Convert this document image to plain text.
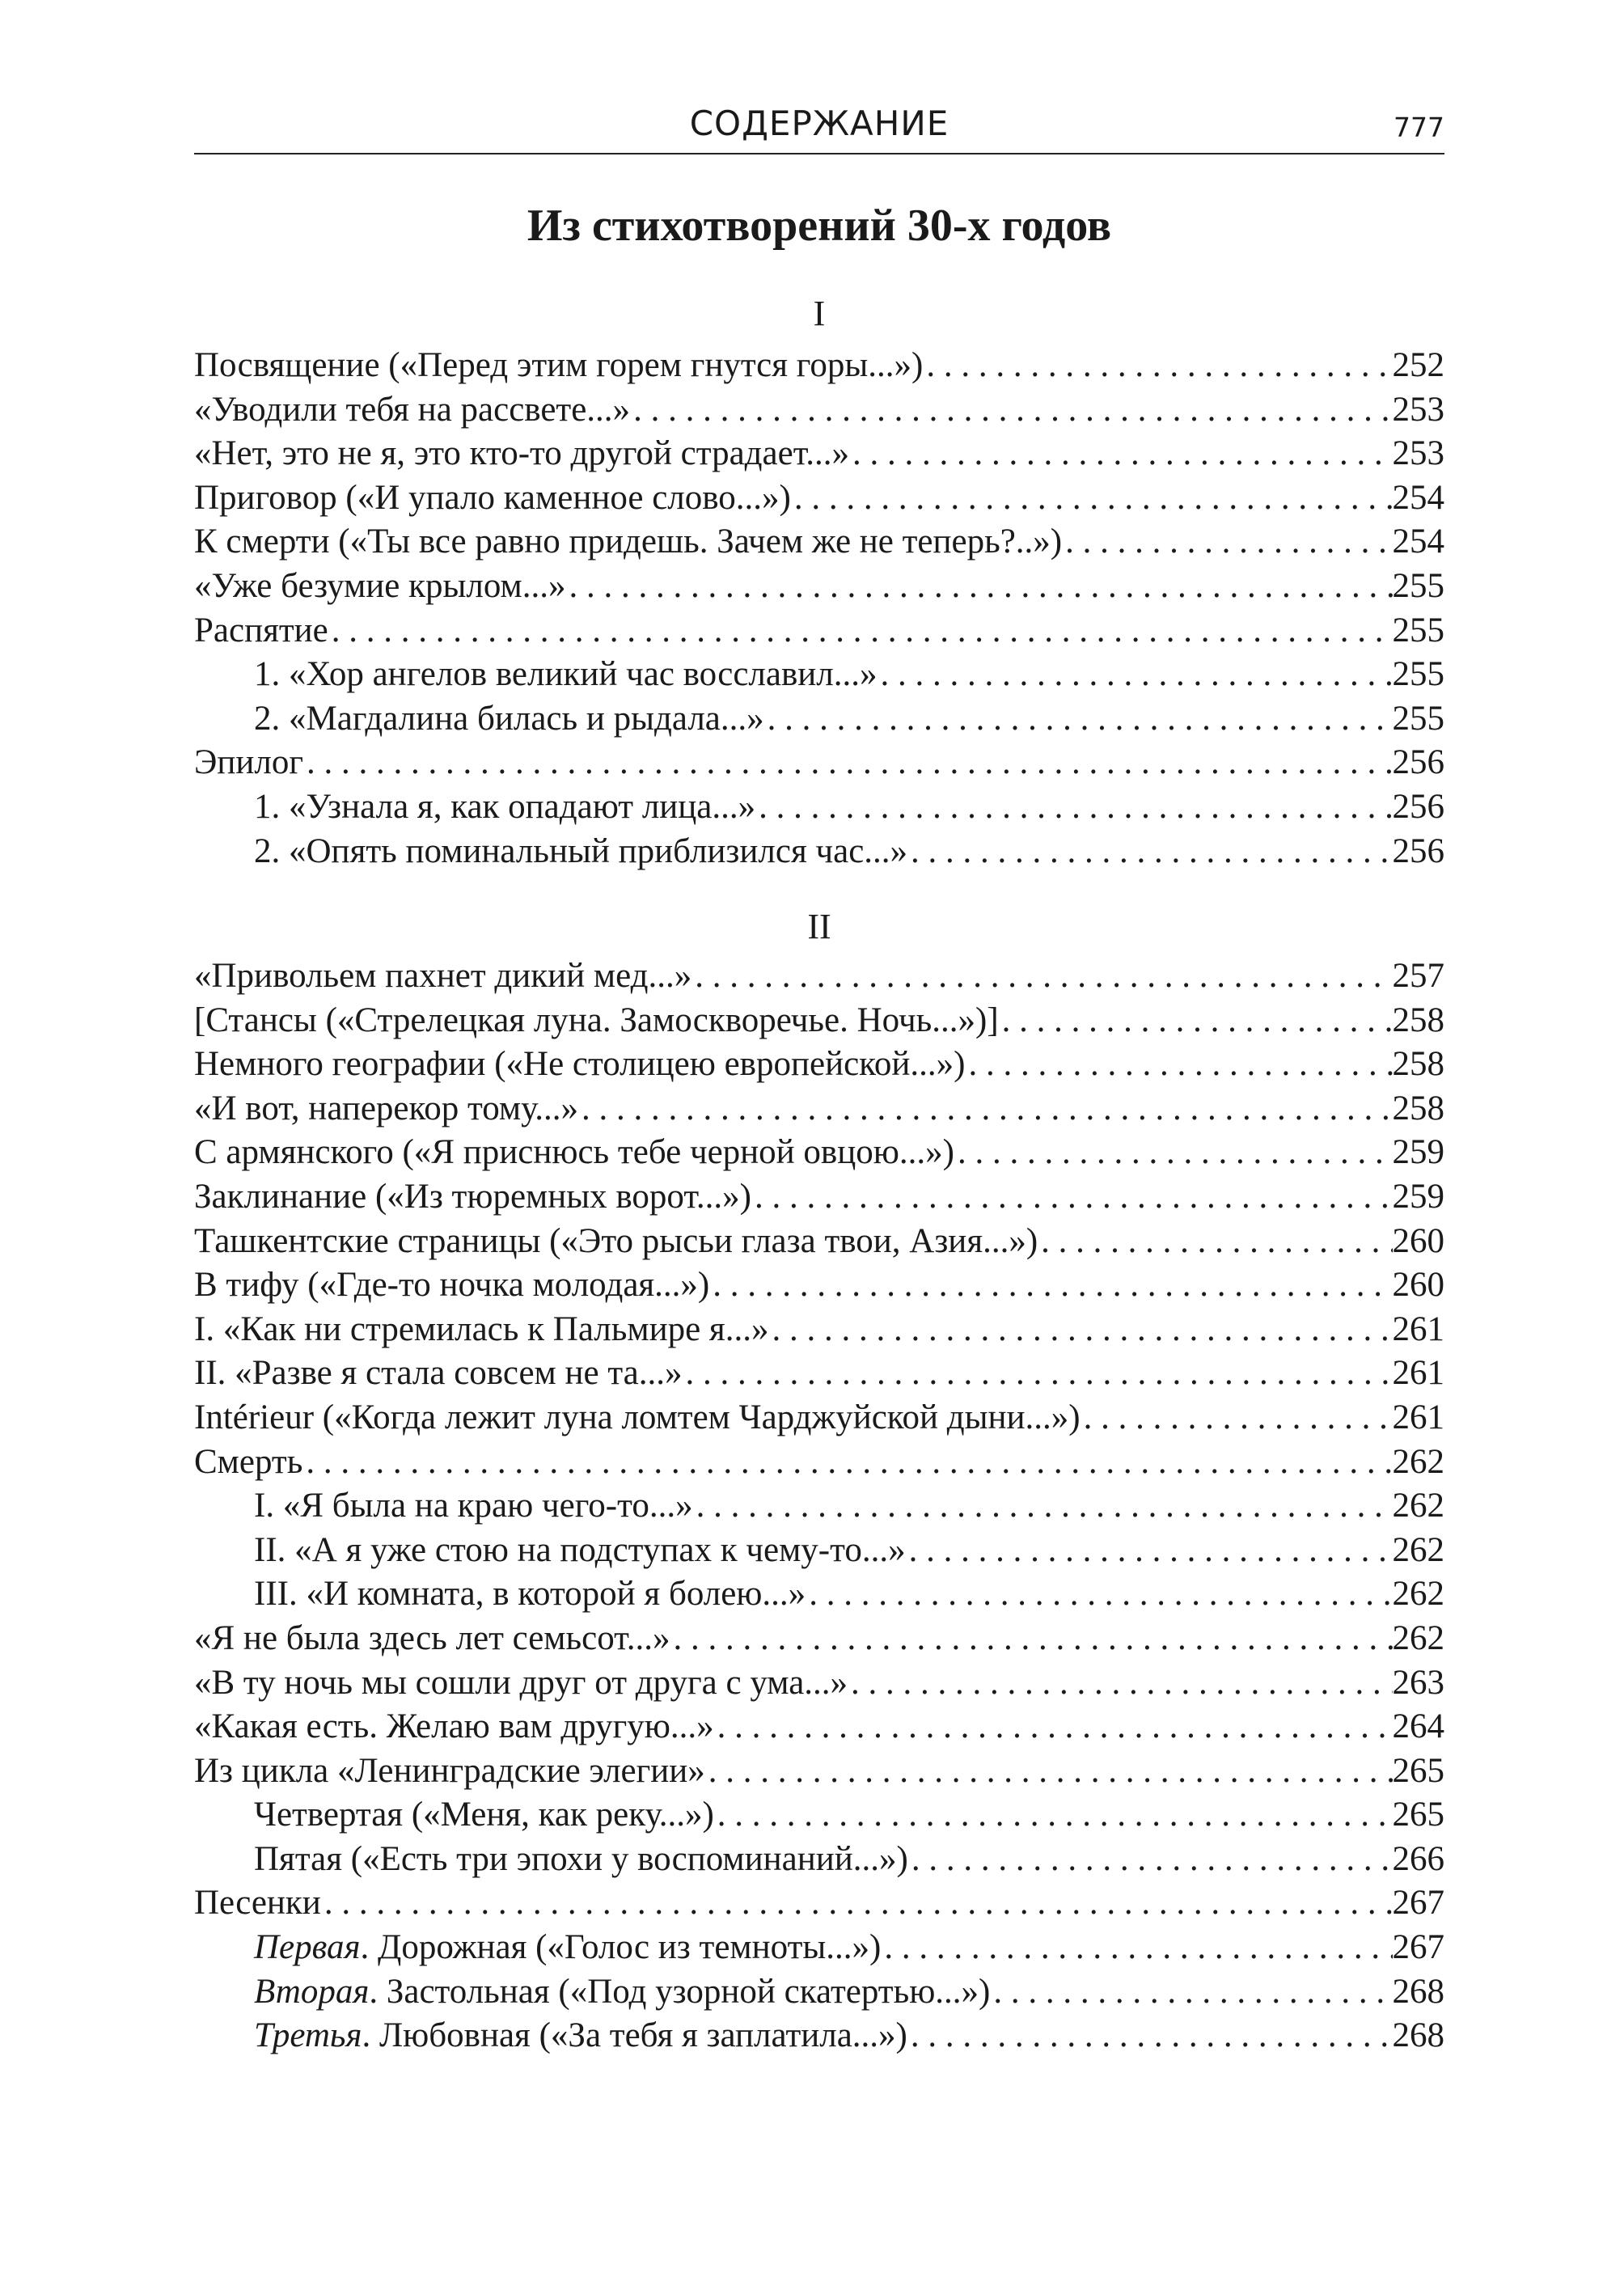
СОДЕРЖАНИЕ	777
Из стихотворений 30-х годов
I
Посвящение («Перед этим горем гнутся горы...») . . .	252
«Уводили тебя на рассвете...» . . .	253
«Нет, это не я, это кто-то другой страдает...» . . .	253
Приговор («И упало каменное слово...») . . .	254
К смерти («Ты все равно придешь. Зачем же не теперь?..») . . .	254
«Уже безумие крылом...» . . .	255
Распятие . . .	255
1. «Хор ангелов великий час восславил...» . . .	255
2. «Магдалина билась и рыдала...» . . .	255
Эпилог . . .	256
1. «Узнала я, как опадают лица...» . . .	256
2. «Опять поминальный приблизился час...» . . .	256
II
«Привольем пахнет дикий мед...» . . .	257
[Стансы («Стрелецкая луна. Замоскворечье. Ночь...»)] . . .	258
Немного географии («Не столицею европейской...») . . .	258
«И вот, наперекор тому...» . . .	258
С армянского («Я приснюсь тебе черной овцою...») . . .	259
Заклинание («Из тюремных ворот...») . . .	259
Ташкентские страницы («Это рысьи глаза твои, Азия...») . . .	260
В тифу («Где-то ночка молодая...») . . .	260
I. «Как ни стремилась к Пальмире я...» . . .	261
II. «Разве я стала совсем не та...» . . .	261
Intérieur («Когда лежит луна ломтем Чарджуйской дыни...») . . .	261
Смерть . . .	262
I. «Я была на краю чего-то...» . . .	262
II. «А я уже стою на подступах к чему-то...» . . .	262
III. «И комната, в которой я болею...» . . .	262
«Я не была здесь лет семьсот...» . . .	262
«В ту ночь мы сошли друг от друга с ума...» . . .	263
«Какая есть. Желаю вам другую...» . . .	264
Из цикла «Ленинградские элегии» . . .	265
Четвертая («Меня, как реку...») . . .	265
Пятая («Есть три эпохи у воспоминаний...») . . .	266
Песенки . . .	267
Первая. Дорожная («Голос из темноты...») . . .	267
Вторая. Застольная («Под узорной скатертью...») . . .	268
Третья. Любовная («За тебя я заплатила...») . . .	268
